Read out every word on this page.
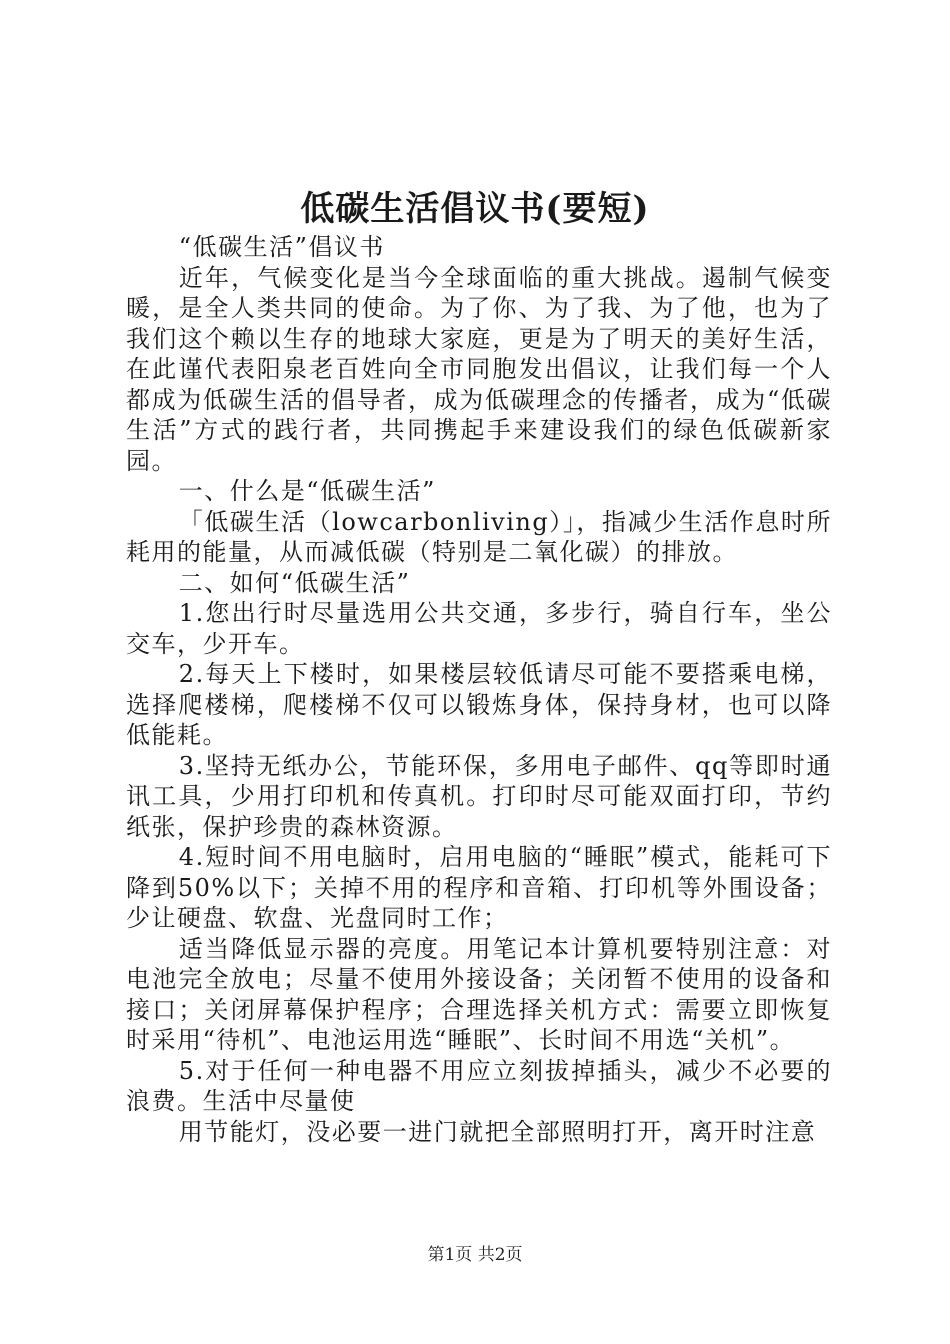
低碳生活倡议书(要短)

“低碳生活”倡议书

近年，气候变化是当今全球面临的重大挑战。遏制气候变暖，是全人类共同的使命。为了你、为了我、为了他，也为了我们这个赖以生存的地球大家庭，更是为了明天的美好生活，在此谨代表阳泉老百姓向全市同胞发出倡议，让我们每一个人都成为低碳生活的倡导者，成为低碳理念的传播者，成为“低碳生活”方式的践行者，共同携起手来建设我们的绿色低碳新家园。

一、什么是“低碳生活”

「低碳生活（lowcarbonliving）」，指减少生活作息时所耗用的能量，从而减低碳（特别是二氧化碳）的排放。

二、如何“低碳生活”

1.您出行时尽量选用公共交通，多步行，骑自行车，坐公交车，少开车。

2.每天上下楼时，如果楼层较低请尽可能不要搭乘电梯，选择爬楼梯，爬楼梯不仅可以锻炼身体，保持身材，也可以降低能耗。

3.坚持无纸办公，节能环保，多用电子邮件、qq等即时通讯工具，少用打印机和传真机。打印时尽可能双面打印，节约纸张，保护珍贵的森林资源。

4.短时间不用电脑时，启用电脑的“睡眠”模式，能耗可下降到50%以下；关掉不用的程序和音箱、打印机等外围设备；少让硬盘、软盘、光盘同时工作；

适当降低显示器的亮度。用笔记本计算机要特别注意：对电池完全放电；尽量不使用外接设备；关闭暂不使用的设备和接口；关闭屏幕保护程序；合理选择关机方式：需要立即恢复时采用“待机”、电池运用选“睡眠”、长时间不用选“关机”。

5.对于任何一种电器不用应立刻拔掉插头，减少不必要的浪费。生活中尽量使

用节能灯，没必要一进门就把全部照明打开，离开时注意

第1页 共2页
